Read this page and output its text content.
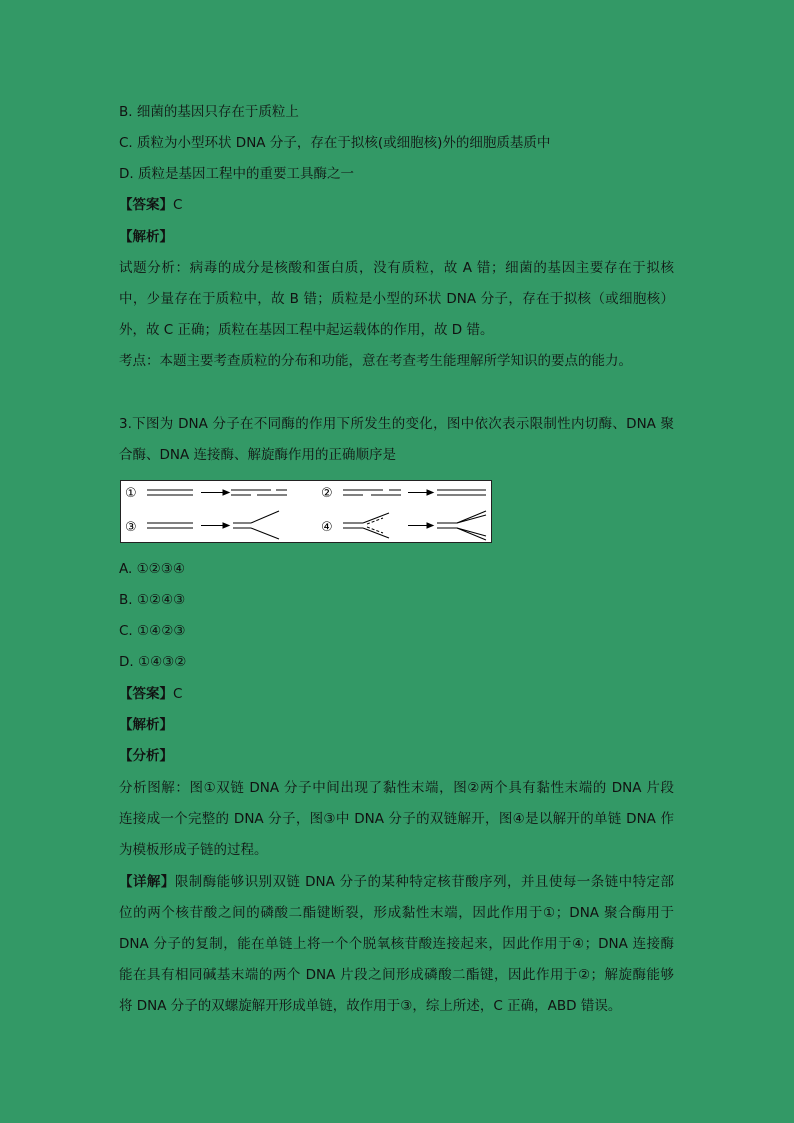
B. 细菌的基因只存在于质粒上
C. 质粒为小型环状 DNA 分子，存在于拟核(或细胞核)外的细胞质基质中
D. 质粒是基因工程中的重要工具酶之一
【答案】C
【解析】
试题分析：病毒的成分是核酸和蛋白质，没有质粒，故 A 错；细菌的基因主要存在于拟核
中，少量存在于质粒中，故 B 错；质粒是小型的环状 DNA 分子，存在于拟核（或细胞核）
外，故 C 正确；质粒在基因工程中起运载体的作用，故 D 错。
考点：本题主要考查质粒的分布和功能，意在考查考生能理解所学知识的要点的能力。
3.下图为 DNA 分子在不同酶的作用下所发生的变化，图中依次表示限制性内切酶、DNA 聚
合酶、DNA 连接酶、解旋酶作用的正确顺序是
①	②
③	④
A. ①②③④
B. ①②④③
C. ①④②③
D. ①④③②
【答案】C
【解析】
【分析】
分析图解：图①双链 DNA 分子中间出现了黏性末端，图②两个具有黏性末端的 DNA 片段
连接成一个完整的 DNA 分子，图③中 DNA 分子的双链解开，图④是以解开的单链 DNA 作
为模板形成子链的过程。
【详解】限制酶能够识别双链 DNA 分子的某种特定核苷酸序列，并且使每一条链中特定部
位的两个核苷酸之间的磷酸二酯键断裂，形成黏性末端，因此作用于①；DNA 聚合酶用于
DNA 分子的复制，能在单链上将一个个脱氧核苷酸连接起来，因此作用于④；DNA 连接酶
能在具有相同碱基末端的两个 DNA 片段之间形成磷酸二酯键，因此作用于②；解旋酶能够
将 DNA 分子的双螺旋解开形成单链，故作用于③，综上所述，C 正确，ABD 错误。
